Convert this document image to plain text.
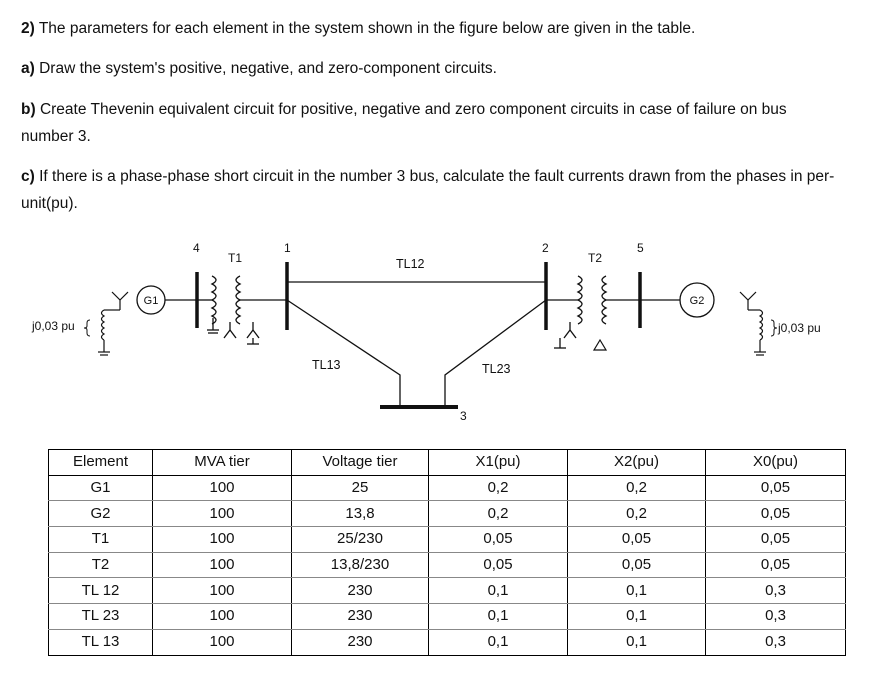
2) The parameters for each element in the system shown in the figure below are given in the table.
a) Draw the system's positive, negative, and zero-component circuits.
b) Create Thevenin equivalent circuit for positive, negative and zero component circuits in case of failure on bus number 3.
c) If there is a phase-phase short circuit in the number 3 bus, calculate the fault currents drawn from the phases in per-unit(pu).
j0,03 pu
G1
4
T1
1
TL12
TL13	TL23
3
2
T2
5
G2
j0,03 pu
Element	MVA tier	Voltage tier	X1(pu)	X2(pu)	X0(pu)
G1	100	25	0,2	0,2	0,05
G2	100	13,8	0,2	0,2	0,05
T1	100	25/230	0,05	0,05	0,05
T2	100	13,8/230	0,05	0,05	0,05
TL 12	100	230	0,1	0,1	0,3
TL 23	100	230	0,1	0,1	0,3
TL 13	100	230	0,1	0,1	0,3
